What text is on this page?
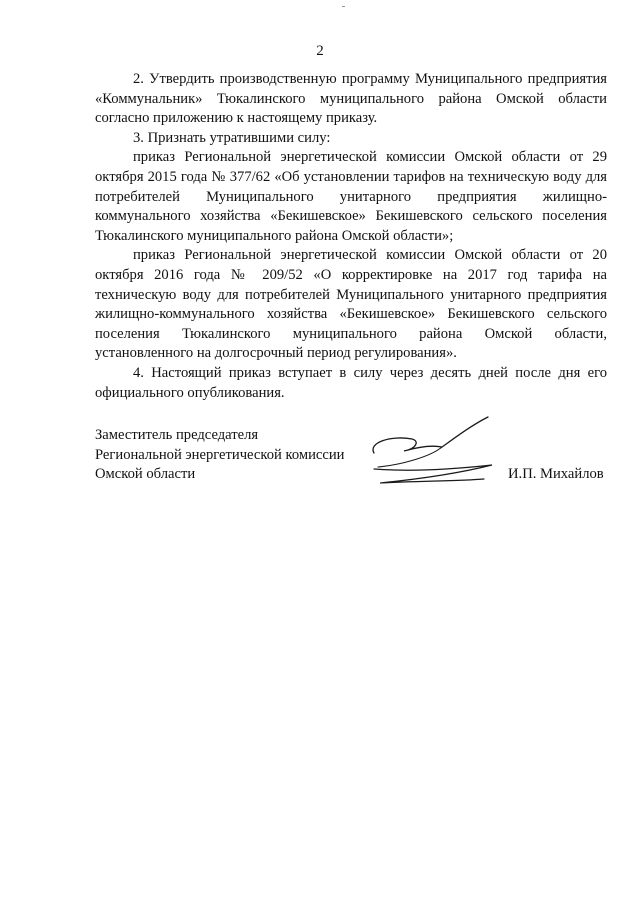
2

2. Утвердить производственную программу Муниципального предприятия «Коммунальник» Тюкалинского муниципального района Омской области согласно приложению к настоящему приказу.

3. Признать утратившими силу:

приказ Региональной энергетической комиссии Омской области от 29 октября 2015 года № 377/62 «Об установлении тарифов на техническую воду для потребителей Муниципального унитарного предприятия жилищно-коммунального хозяйства «Бекишевское» Бекишевского сельского поселения Тюкалинского муниципального района Омской области»;

приказ Региональной энергетической комиссии Омской области от 20 октября 2016 года № 209/52 «О корректировке на 2017 год тарифа на техническую воду для потребителей Муниципального унитарного предприятия жилищно-коммунального хозяйства «Бекишевское» Бекишевского сельского поселения Тюкалинского муниципального района Омской области, установленного на долгосрочный период регулирования».

4. Настоящий приказ вступает в силу через десять дней после дня его официального опубликования.

Заместитель председателя
Региональной энергетической комиссии
Омской области	И.П. Михайлов
